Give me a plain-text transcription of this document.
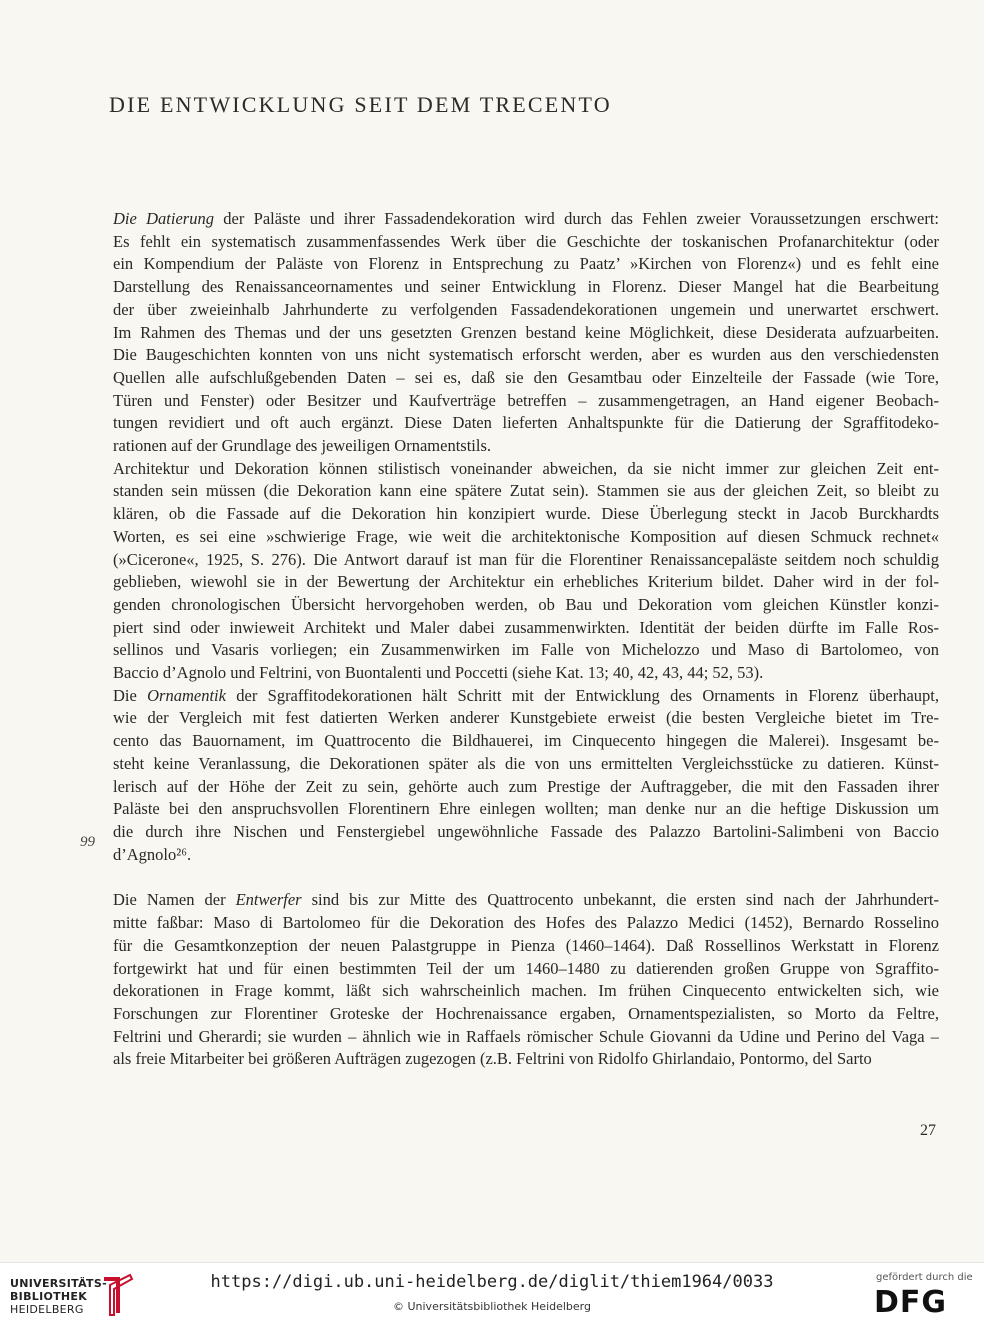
DIE ENTWICKLUNG SEIT DEM TRECENTO

Die Datierung der Paläste und ihrer Fassadendekoration wird durch das Fehlen zweier Voraussetzungen erschwert:
Es fehlt ein systematisch zusammenfassendes Werk über die Geschichte der toskanischen Profanarchitektur (oder
ein Kompendium der Paläste von Florenz in Entsprechung zu Paatz’ »Kirchen von Florenz«) und es fehlt eine
Darstellung des Renaissanceornamentes und seiner Entwicklung in Florenz. Dieser Mangel hat die Bearbeitung
der über zweieinhalb Jahrhunderte zu verfolgenden Fassadendekorationen ungemein und unerwartet erschwert.
Im Rahmen des Themas und der uns gesetzten Grenzen bestand keine Möglichkeit, diese Desiderata aufzuarbeiten.
Die Baugeschichten konnten von uns nicht systematisch erforscht werden, aber es wurden aus den verschiedensten
Quellen alle aufschlußgebenden Daten – sei es, daß sie den Gesamtbau oder Einzelteile der Fassade (wie Tore,
Türen und Fenster) oder Besitzer und Kaufverträge betreffen – zusammengetragen, an Hand eigener Beobach-
tungen revidiert und oft auch ergänzt. Diese Daten lieferten Anhaltspunkte für die Datierung der Sgraffitodeko-
rationen auf der Grundlage des jeweiligen Ornamentstils.

Architektur und Dekoration können stilistisch voneinander abweichen, da sie nicht immer zur gleichen Zeit ent-
standen sein müssen (die Dekoration kann eine spätere Zutat sein). Stammen sie aus der gleichen Zeit, so bleibt zu
klären, ob die Fassade auf die Dekoration hin konzipiert wurde. Diese Überlegung steckt in Jacob Burckhardts
Worten, es sei eine »schwierige Frage, wie weit die architektonische Komposition auf diesen Schmuck rechnet«
(»Cicerone«, 1925, S. 276). Die Antwort darauf ist man für die Florentiner Renaissancepaläste seitdem noch schuldig
geblieben, wiewohl sie in der Bewertung der Architektur ein erhebliches Kriterium bildet. Daher wird in der fol-
genden chronologischen Übersicht hervorgehoben werden, ob Bau und Dekoration vom gleichen Künstler konzi-
piert sind oder inwieweit Architekt und Maler dabei zusammenwirkten. Identität der beiden dürfte im Falle Ros-
sellinos und Vasaris vorliegen; ein Zusammenwirken im Falle von Michelozzo und Maso di Bartolomeo, von
Baccio d’Agnolo und Feltrini, von Buontalenti und Poccetti (siehe Kat. 13; 40, 42, 43, 44; 52, 53).

Die Ornamentik der Sgraffitodekorationen hält Schritt mit der Entwicklung des Ornaments in Florenz überhaupt,
wie der Vergleich mit fest datierten Werken anderer Kunstgebiete erweist (die besten Vergleiche bietet im Tre-
cento das Bauornament, im Quattrocento die Bildhauerei, im Cinquecento hingegen die Malerei). Insgesamt be-
steht keine Veranlassung, die Dekorationen später als die von uns ermittelten Vergleichsstücke zu datieren. Künst-
lerisch auf der Höhe der Zeit zu sein, gehörte auch zum Prestige der Auftraggeber, die mit den Fassaden ihrer
Paläste bei den anspruchsvollen Florentinern Ehre einlegen wollten; man denke nur an die heftige Diskussion um
die durch ihre Nischen und Fenstergiebel ungewöhnliche Fassade des Palazzo Bartolini-Salimbeni von Baccio
d’Agnolo²⁶.

Die Namen der Entwerfer sind bis zur Mitte des Quattrocento unbekannt, die ersten sind nach der Jahrhundert-
mitte faßbar: Maso di Bartolomeo für die Dekoration des Hofes des Palazzo Medici (1452), Bernardo Rosselino
für die Gesamtkonzeption der neuen Palastgruppe in Pienza (1460–1464). Daß Rossellinos Werkstatt in Florenz
fortgewirkt hat und für einen bestimmten Teil der um 1460–1480 zu datierenden großen Gruppe von Sgraffito-
dekorationen in Frage kommt, läßt sich wahrscheinlich machen. Im frühen Cinquecento entwickelten sich, wie
Forschungen zur Florentiner Groteske der Hochrenaissance ergaben, Ornamentspezialisten, so Morto da Feltre,
Feltrini und Gherardi; sie wurden – ähnlich wie in Raffaels römischer Schule Giovanni da Udine und Perino del Vaga –
als freie Mitarbeiter bei größeren Aufträgen zugezogen (z.B. Feltrini von Ridolfo Ghirlandaio, Pontormo, del Sarto

99
27
UNIVERSITÄTS-
BIBLIOTHEK
HEIDELBERG
https://digi.ub.uni-heidelberg.de/diglit/thiem1964/0033
© Universitätsbibliothek Heidelberg
gefördert durch die
DFG
